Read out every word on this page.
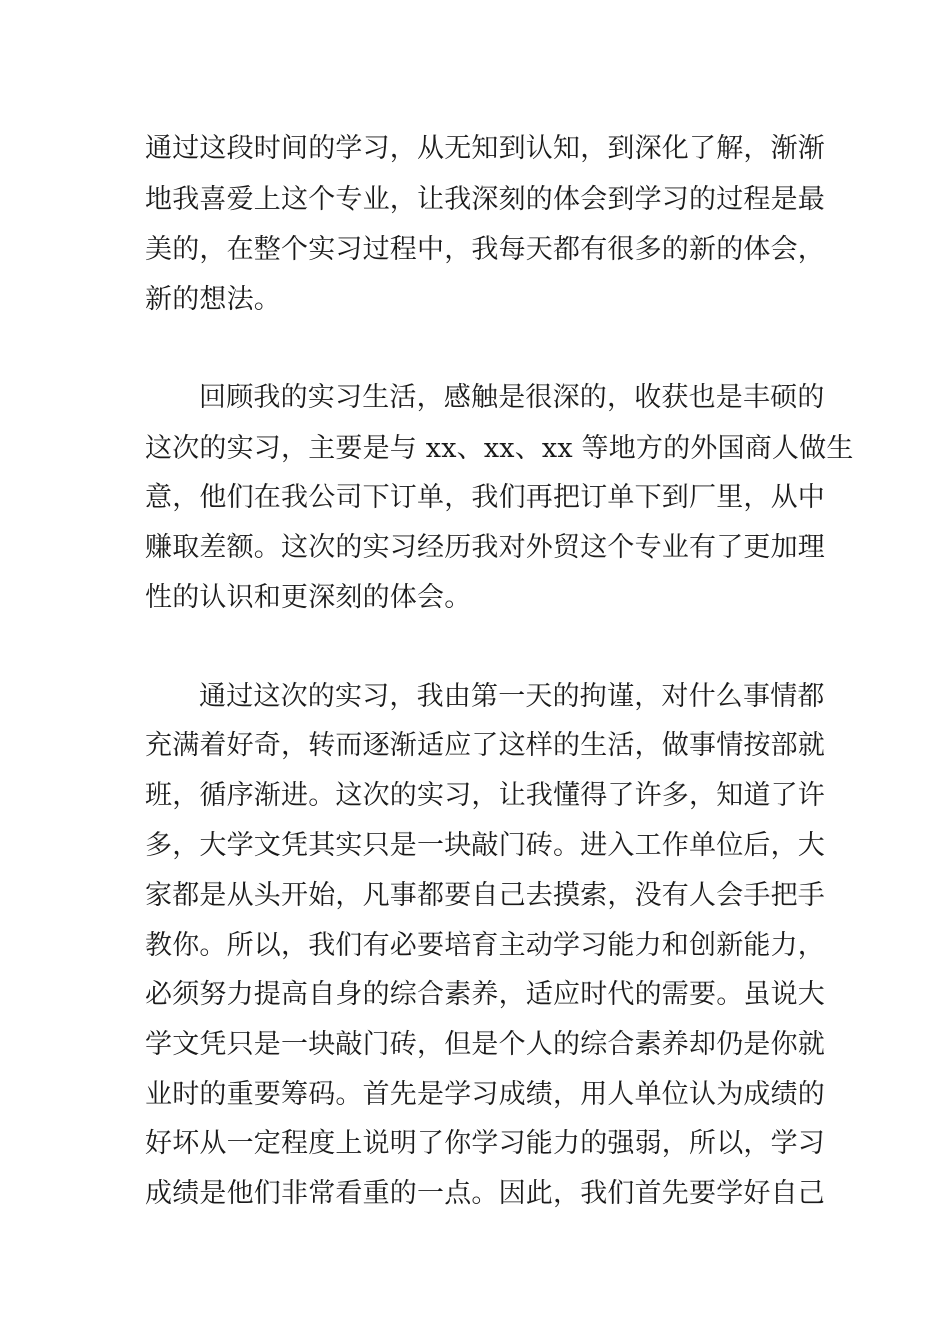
通过这段时间的学习，从无知到认知，到深化了解，渐渐
地我喜爱上这个专业，让我深刻的体会到学习的过程是最
美的，在整个实习过程中，我每天都有很多的新的体会，
新的想法。
回顾我的实习生活，感触是很深的，收获也是丰硕的
这次的实习，主要是与 xx、xx、xx 等地方的外国商人做生
意，他们在我公司下订单，我们再把订单下到厂里，从中
赚取差额。这次的实习经历我对外贸这个专业有了更加理
性的认识和更深刻的体会。
通过这次的实习，我由第一天的拘谨，对什么事情都
充满着好奇，转而逐渐适应了这样的生活，做事情按部就
班，循序渐进。这次的实习，让我懂得了许多，知道了许
多，大学文凭其实只是一块敲门砖。进入工作单位后，大
家都是从头开始，凡事都要自己去摸索，没有人会手把手
教你。所以，我们有必要培育主动学习能力和创新能力，
必须努力提高自身的综合素养，适应时代的需要。虽说大
学文凭只是一块敲门砖，但是个人的综合素养却仍是你就
业时的重要筹码。首先是学习成绩，用人单位认为成绩的
好坏从一定程度上说明了你学习能力的强弱，所以，学习
成绩是他们非常看重的一点。因此，我们首先要学好自己
